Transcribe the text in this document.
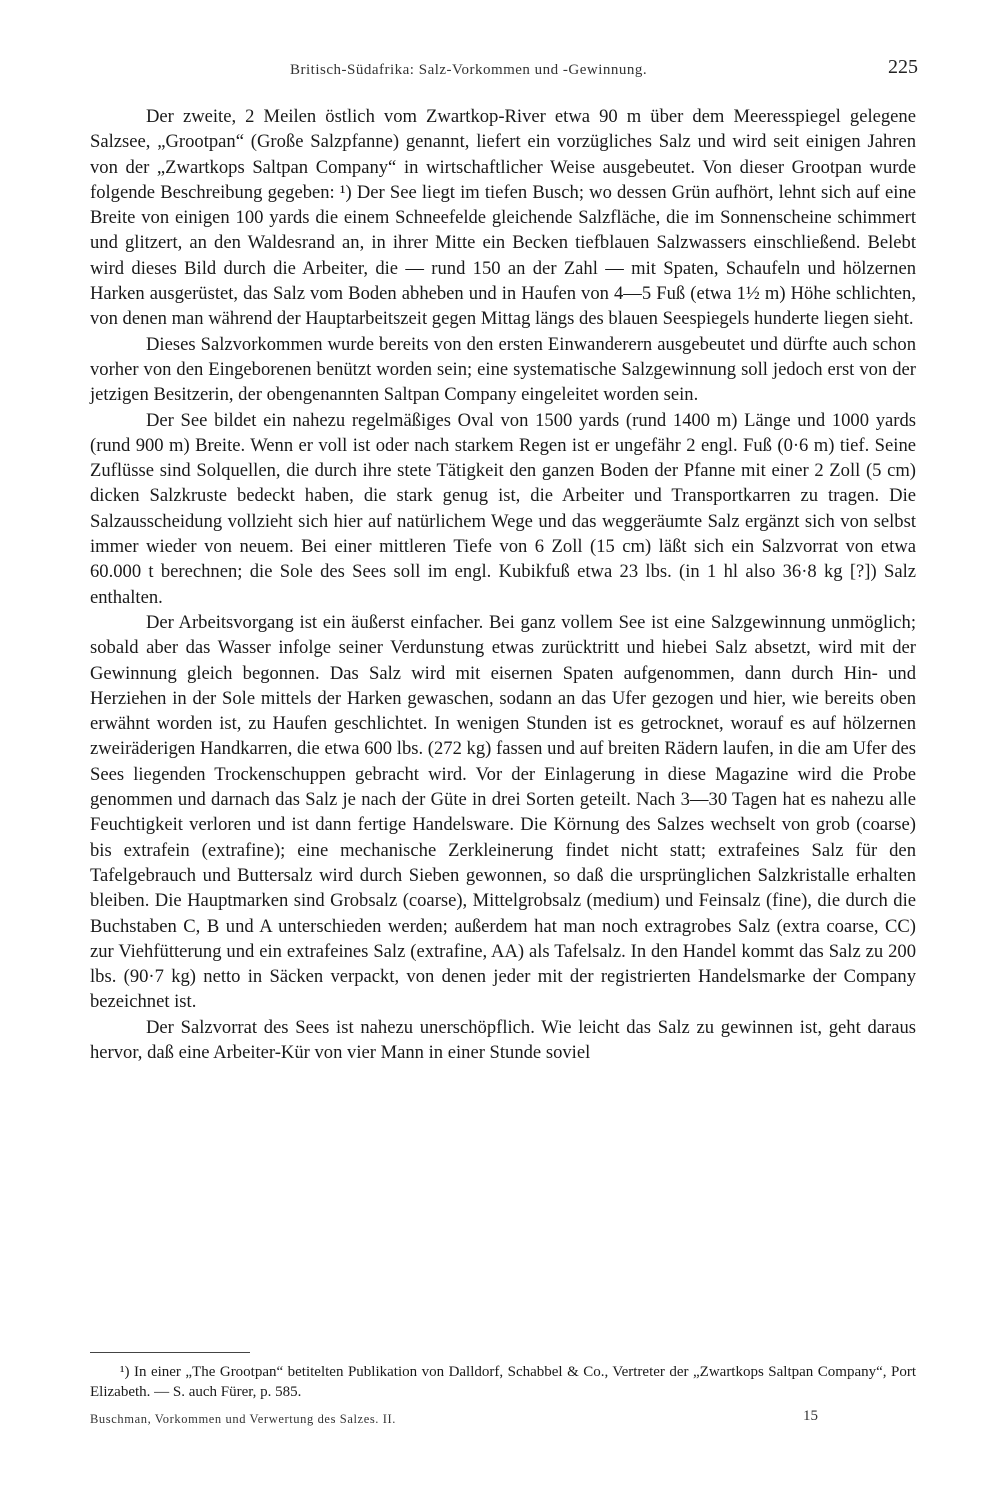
Britisch-Südafrika: Salz-Vorkommen und -Gewinnung.	225

Der zweite, 2 Meilen östlich vom Zwartkop-River etwa 90 m über dem Meeresspiegel gelegene Salzsee, „Grootpan“ (Große Salzpfanne) genannt, liefert ein vorzügliches Salz und wird seit einigen Jahren von der „Zwartkops Saltpan Company“ in wirtschaftlicher Weise ausgebeutet. Von dieser Grootpan wurde folgende Beschreibung gegeben: ¹) Der See liegt im tiefen Busch; wo dessen Grün aufhört, lehnt sich auf eine Breite von einigen 100 yards die einem Schneefelde gleichende Salzfläche, die im Sonnenscheine schimmert und glitzert, an den Waldesrand an, in ihrer Mitte ein Becken tiefblauen Salzwassers einschließend. Belebt wird dieses Bild durch die Arbeiter, die — rund 150 an der Zahl — mit Spaten, Schaufeln und hölzernen Harken ausgerüstet, das Salz vom Boden abheben und in Haufen von 4—5 Fuß (etwa 1½ m) Höhe schlichten, von denen man während der Hauptarbeitszeit gegen Mittag längs des blauen Seespiegels hunderte liegen sieht.

Dieses Salzvorkommen wurde bereits von den ersten Einwanderern ausgebeutet und dürfte auch schon vorher von den Eingeborenen benützt worden sein; eine systematische Salzgewinnung soll jedoch erst von der jetzigen Besitzerin, der obengenannten Saltpan Company eingeleitet worden sein.

Der See bildet ein nahezu regelmäßiges Oval von 1500 yards (rund 1400 m) Länge und 1000 yards (rund 900 m) Breite. Wenn er voll ist oder nach starkem Regen ist er ungefähr 2 engl. Fuß (0·6 m) tief. Seine Zuflüsse sind Solquellen, die durch ihre stete Tätigkeit den ganzen Boden der Pfanne mit einer 2 Zoll (5 cm) dicken Salzkruste bedeckt haben, die stark genug ist, die Arbeiter und Transportkarren zu tragen. Die Salzausscheidung vollzieht sich hier auf natürlichem Wege und das weggeräumte Salz ergänzt sich von selbst immer wieder von neuem. Bei einer mittleren Tiefe von 6 Zoll (15 cm) läßt sich ein Salzvorrat von etwa 60.000 t berechnen; die Sole des Sees soll im engl. Kubikfuß etwa 23 lbs. (in 1 hl also 36·8 kg [?]) Salz enthalten.

Der Arbeitsvorgang ist ein äußerst einfacher. Bei ganz vollem See ist eine Salzgewinnung unmöglich; sobald aber das Wasser infolge seiner Verdunstung etwas zurücktritt und hiebei Salz absetzt, wird mit der Gewinnung gleich begonnen. Das Salz wird mit eisernen Spaten aufgenommen, dann durch Hin- und Herziehen in der Sole mittels der Harken gewaschen, sodann an das Ufer gezogen und hier, wie bereits oben erwähnt worden ist, zu Haufen geschlichtet. In wenigen Stunden ist es getrocknet, worauf es auf hölzernen zweiräderigen Handkarren, die etwa 600 lbs. (272 kg) fassen und auf breiten Rädern laufen, in die am Ufer des Sees liegenden Trockenschuppen gebracht wird. Vor der Einlagerung in diese Magazine wird die Probe genommen und darnach das Salz je nach der Güte in drei Sorten geteilt. Nach 3—30 Tagen hat es nahezu alle Feuchtigkeit verloren und ist dann fertige Handelsware. Die Körnung des Salzes wechselt von grob (coarse) bis extrafein (extrafine); eine mechanische Zerkleinerung findet nicht statt; extrafeines Salz für den Tafelgebrauch und Buttersalz wird durch Sieben gewonnen, so daß die ursprünglichen Salzkristalle erhalten bleiben. Die Hauptmarken sind Grobsalz (coarse), Mittelgrobsalz (medium) und Feinsalz (fine), die durch die Buchstaben C, B und A unterschieden werden; außerdem hat man noch extragrobes Salz (extra coarse, CC) zur Viehfütterung und ein extrafeines Salz (extrafine, AA) als Tafelsalz. In den Handel kommt das Salz zu 200 lbs. (90·7 kg) netto in Säcken verpackt, von denen jeder mit der registrierten Handelsmarke der Company bezeichnet ist.

Der Salzvorrat des Sees ist nahezu unerschöpflich. Wie leicht das Salz zu gewinnen ist, geht daraus hervor, daß eine Arbeiter-Kür von vier Mann in einer Stunde soviel

¹) In einer „The Grootpan“ betitelten Publikation von Dalldorf, Schabbel & Co., Vertreter der „Zwartkops Saltpan Company“, Port Elizabeth. — S. auch Fürer, p. 585.
Buschman, Vorkommen und Verwertung des Salzes. II.	15
